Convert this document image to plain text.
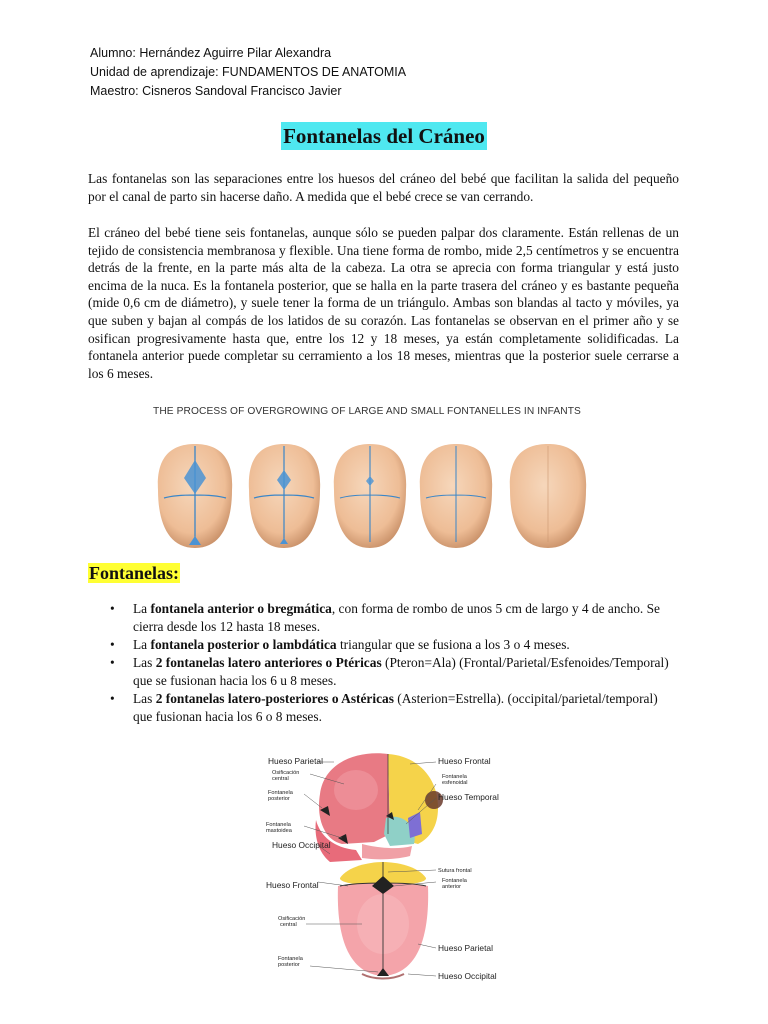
Alumno: Hernández Aguirre Pilar Alexandra
Unidad de aprendizaje: FUNDAMENTOS DE ANATOMIA
Maestro: Cisneros Sandoval Francisco Javier
Fontanelas del Cráneo

Las fontanelas son las separaciones entre los huesos del cráneo del bebé que facilitan la salida del pequeño por el canal de parto sin hacerse daño. A medida que el bebé crece se van cerrando.

El cráneo del bebé tiene seis fontanelas, aunque sólo se pueden palpar dos claramente. Están rellenas de un tejido de consistencia membranosa y flexible. Una tiene forma de rombo, mide 2,5 centímetros y se encuentra detrás de la frente, en la parte más alta de la cabeza. La otra se aprecia con forma triangular y está justo encima de la nuca. Es la fontanela posterior, que se halla en la parte trasera del cráneo y es bastante pequeña (mide 0,6 cm de diámetro), y suele tener la forma de un triángulo. Ambas son blandas al tacto y móviles, ya que suben y bajan al compás de los latidos de su corazón. Las fontanelas se observan en el primer año y se osifican progresivamente hasta que, entre los 12 y 18 meses, ya están completamente solidificadas. La fontanela anterior puede completar su cerramiento a los 18 meses, mientras que la posterior suele cerrarse a los 6 meses.

THE PROCESS OF OVERGROWING OF LARGE AND SMALL FONTANELLES IN INFANTS
Fontanelas:
• La fontanela anterior o bregmática, con forma de rombo de unos 5 cm de largo y 4 de ancho. Se cierra desde los 12 hasta 18 meses.
• La fontanela posterior o lambdática triangular que se fusiona a los 3 o 4 meses.
• Las 2 fontanelas latero anteriores o Ptéricas (Pteron=Ala) (Frontal/Parietal/Esfenoides/Temporal) que se fusionan hacia los 6 u 8 meses.
• Las 2 fontanelas latero-posteriores o Astéricas (Asterion=Estrella). (occipital/parietal/temporal) que fusionan hacia los 6 o 8 meses.
Hueso Parietal
Osificación
central
Fontanela
posterior
Fontanela
mastoidea
Hueso Occipital
Hueso Frontal
Fontanela
esfenoidal
Hueso Temporal
Hueso Frontal
Osificación
central
Fontanela
posterior
Sutura frontal
Fontanela
anterior
Hueso Parietal
Hueso Occipital
